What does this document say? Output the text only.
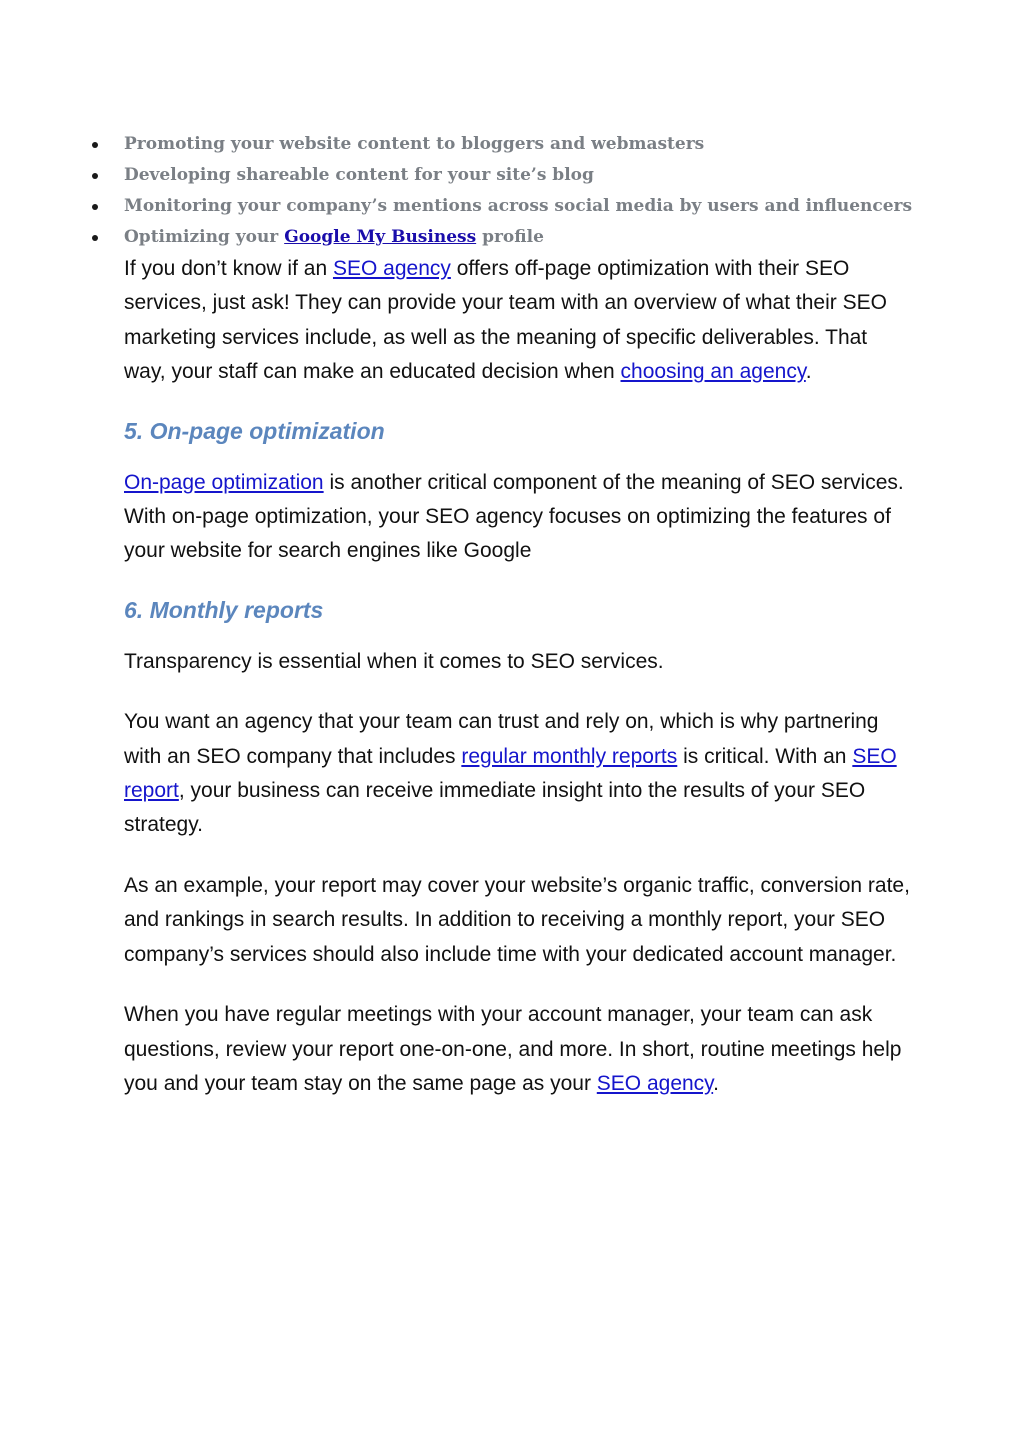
Promoting your website content to bloggers and webmasters
Developing shareable content for your site’s blog
Monitoring your company’s mentions across social media by users and influencers
Optimizing your Google My Business profile

If you don’t know if an SEO agency offers off-page optimization with their SEO services, just ask! They can provide your team with an overview of what their SEO marketing services include, as well as the meaning of specific deliverables. That way, your staff can make an educated decision when choosing an agency.

5. On-page optimization

On-page optimization is another critical component of the meaning of SEO services. With on-page optimization, your SEO agency focuses on optimizing the features of your website for search engines like Google

6. Monthly reports

Transparency is essential when it comes to SEO services.

You want an agency that your team can trust and rely on, which is why partnering with an SEO company that includes regular monthly reports is critical. With an SEO report, your business can receive immediate insight into the results of your SEO strategy.

As an example, your report may cover your website’s organic traffic, conversion rate, and rankings in search results. In addition to receiving a monthly report, your SEO company’s services should also include time with your dedicated account manager.

When you have regular meetings with your account manager, your team can ask questions, review your report one-on-one, and more. In short, routine meetings help you and your team stay on the same page as your SEO agency.
